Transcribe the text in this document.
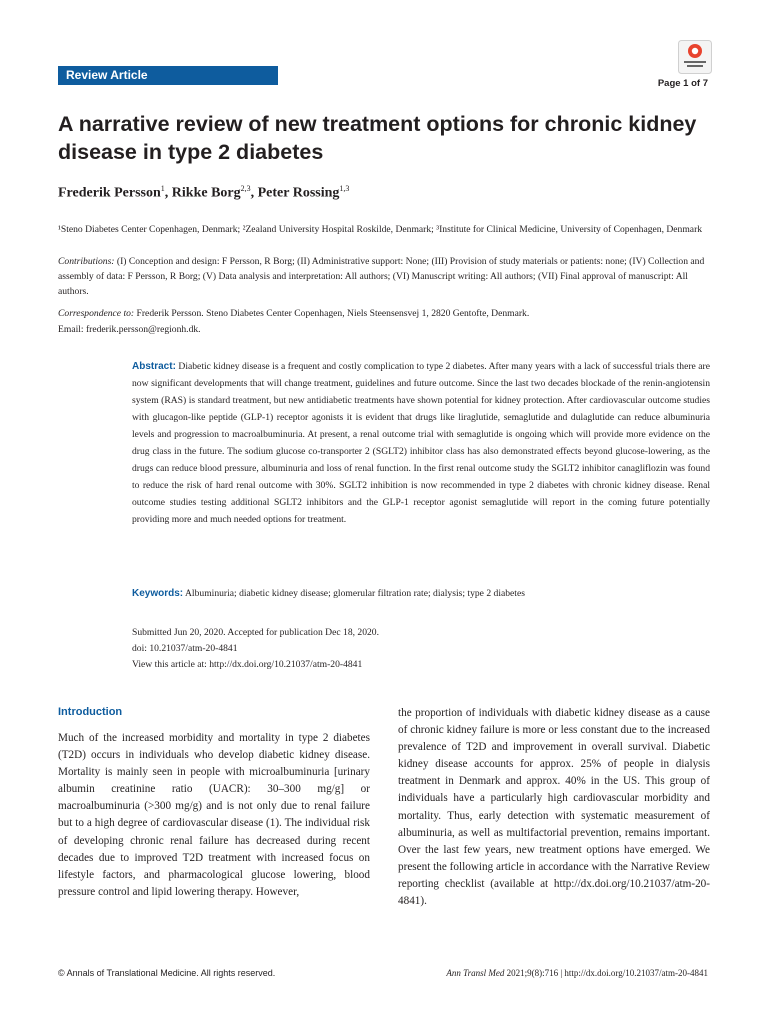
Review Article
Page 1 of 7
A narrative review of new treatment options for chronic kidney disease in type 2 diabetes
Frederik Persson$^1$, Rikke Borg$^{2,3}$, Peter Rossing$^{1,3}$
¹Steno Diabetes Center Copenhagen, Denmark; ²Zealand University Hospital Roskilde, Denmark; ³Institute for Clinical Medicine, University of Copenhagen, Denmark
Contributions: (I) Conception and design: F Persson, R Borg; (II) Administrative support: None; (III) Provision of study materials or patients: none; (IV) Collection and assembly of data: F Persson, R Borg; (V) Data analysis and interpretation: All authors; (VI) Manuscript writing: All authors; (VII) Final approval of manuscript: All authors.
Correspondence to: Frederik Persson. Steno Diabetes Center Copenhagen, Niels Steensensvej 1, 2820 Gentofte, Denmark.
Email: frederik.persson@regionh.dk.
Abstract: Diabetic kidney disease is a frequent and costly complication to type 2 diabetes. After many years with a lack of successful trials there are now significant developments that will change treatment, guidelines and future outcome. Since the last two decades blockade of the renin-angiotensin system (RAS) is standard treatment, but new antidiabetic treatments have shown potential for kidney protection. After cardiovascular outcome studies with glucagon-like peptide (GLP-1) receptor agonists it is evident that drugs like liraglutide, semaglutide and dulaglutide can reduce albuminuria levels and progression to macroalbuminuria. At present, a renal outcome trial with semaglutide is ongoing which will provide more evidence on the drug class in the future. The sodium glucose co-transporter 2 (SGLT2) inhibitor class has also demonstrated effects beyond glucose-lowering, as the drugs can reduce blood pressure, albuminuria and loss of renal function. In the first renal outcome study the SGLT2 inhibitor canagliflozin was found to reduce the risk of hard renal outcome with 30%. SGLT2 inhibition is now recommended in type 2 diabetes with chronic kidney disease. Renal outcome studies testing additional SGLT2 inhibitors and the GLP-1 receptor agonist semaglutide will report in the coming future potentially providing more and much needed options for treatment.
Keywords: Albuminuria; diabetic kidney disease; glomerular filtration rate; dialysis; type 2 diabetes
Submitted Jun 20, 2020. Accepted for publication Dec 18, 2020.
doi: 10.21037/atm-20-4841
View this article at: http://dx.doi.org/10.21037/atm-20-4841
Introduction
Much of the increased morbidity and mortality in type 2 diabetes (T2D) occurs in individuals who develop diabetic kidney disease. Mortality is mainly seen in people with microalbuminuria [urinary albumin creatinine ratio (UACR): 30–300 mg/g] or macroalbuminuria (>300 mg/g) and is not only due to renal failure but to a high degree of cardiovascular disease (1). The individual risk of developing chronic renal failure has decreased during recent decades due to improved T2D treatment with increased focus on lifestyle factors, and pharmacological glucose lowering, blood pressure control and lipid lowering therapy. However,
the proportion of individuals with diabetic kidney disease as a cause of chronic kidney failure is more or less constant due to the increased prevalence of T2D and improvement in overall survival. Diabetic kidney disease accounts for approx. 25% of people in dialysis treatment in Denmark and approx. 40% in the US. This group of individuals have a particularly high cardiovascular morbidity and mortality. Thus, early detection with systematic measurement of albuminuria, as well as multifactorial prevention, remains important. Over the last few years, new treatment options have emerged. We present the following article in accordance with the Narrative Review reporting checklist (available at http://dx.doi.org/10.21037/atm-20-4841).
© Annals of Translational Medicine. All rights reserved.	Ann Transl Med 2021;9(8):716 | http://dx.doi.org/10.21037/atm-20-4841
